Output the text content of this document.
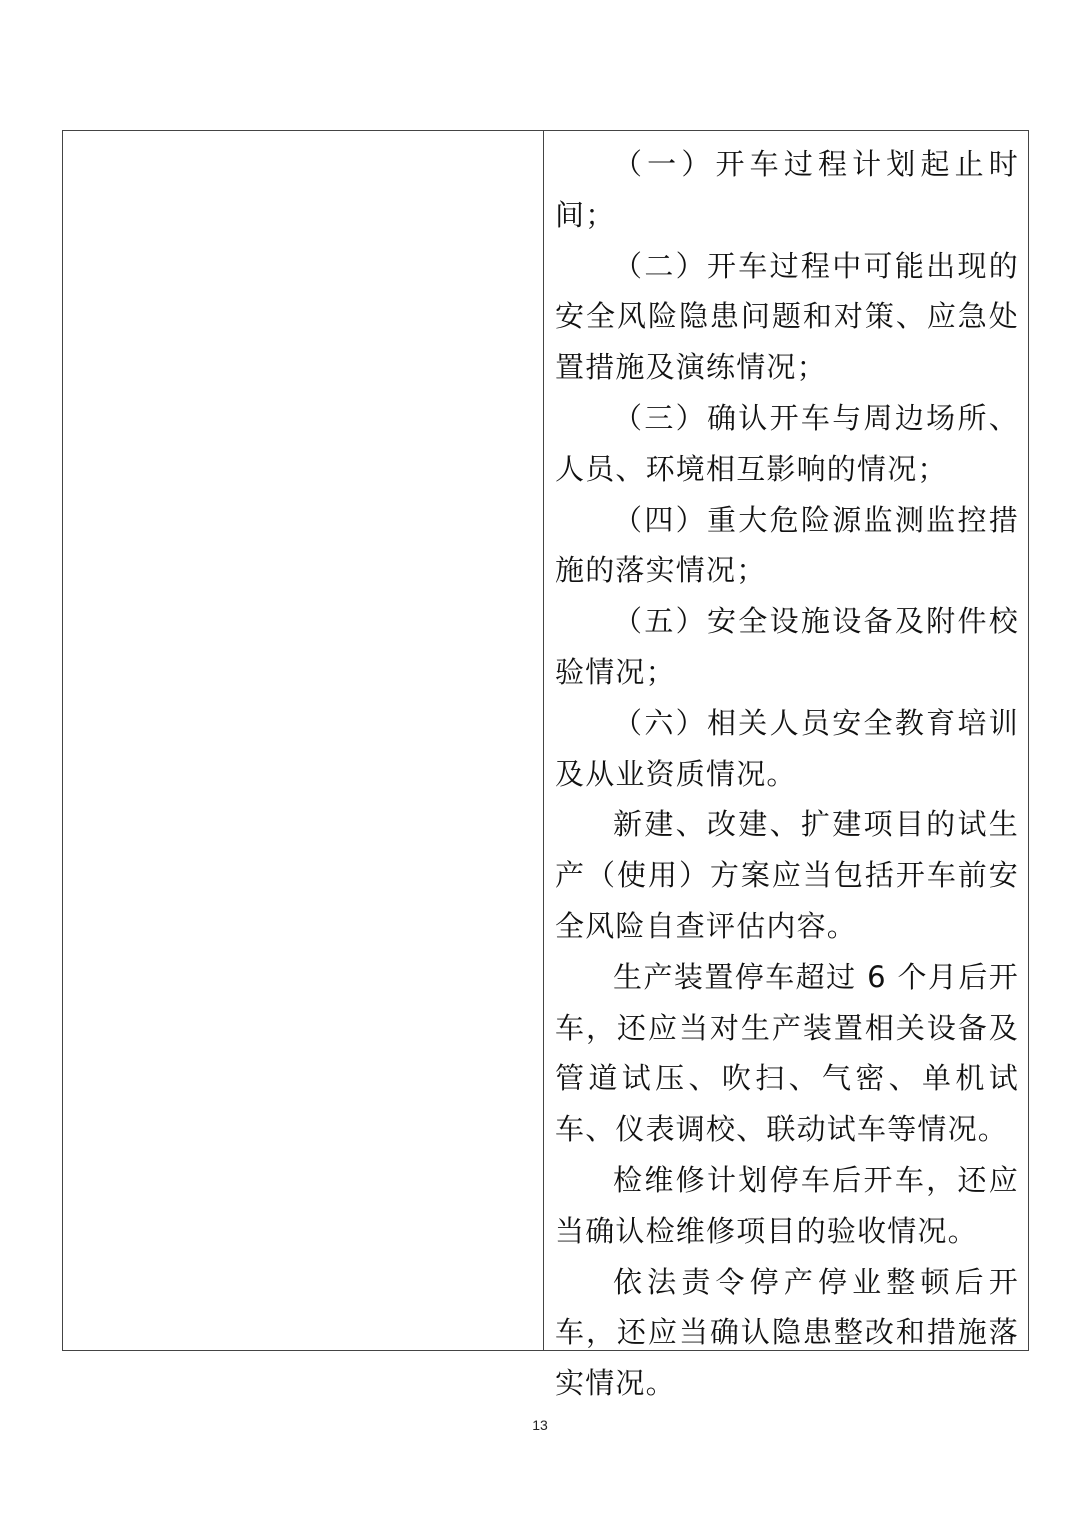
（一）开车过程计划起止时间；

（二）开车过程中可能出现的安全风险隐患问题和对策、应急处置措施及演练情况；

（三）确认开车与周边场所、人员、环境相互影响的情况；

（四）重大危险源监测监控措施的落实情况；

（五）安全设施设备及附件校验情况；

（六）相关人员安全教育培训及从业资质情况。

新建、改建、扩建项目的试生产（使用）方案应当包括开车前安全风险自查评估内容。

生产装置停车超过 6 个月后开车，还应当对生产装置相关设备及管道试压、吹扫、气密、单机试车、仪表调校、联动试车等情况。

检维修计划停车后开车，还应当确认检维修项目的验收情况。

依法责令停产停业整顿后开车，还应当确认隐患整改和措施落实情况。

13
